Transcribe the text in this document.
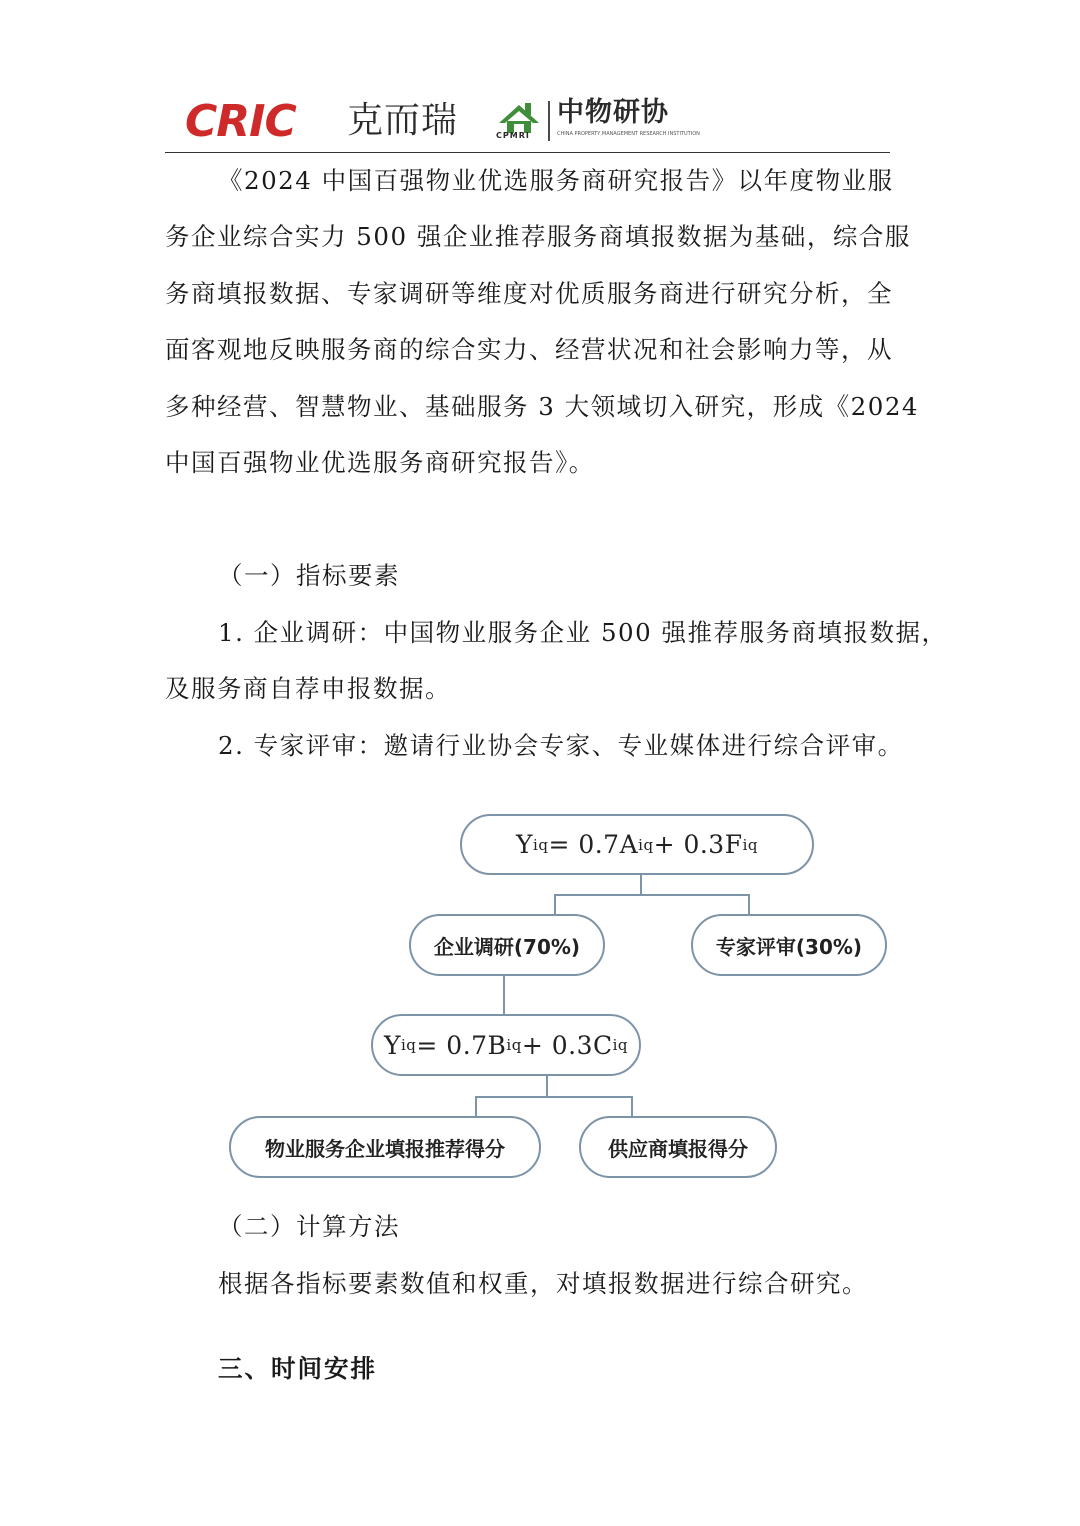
CRIC 克而瑞	CPMRI
中物研协
CHINA PROPERTY MANAGEMENT RESEARCH INSTITUTION
《2024 中国百强物业优选服务商研究报告》以年度物业服
务企业综合实力 500 强企业推荐服务商填报数据为基础，综合服
务商填报数据、专家调研等维度对优质服务商进行研究分析，全
面客观地反映服务商的综合实力、经营状况和社会影响力等，从
多种经营、智慧物业、基础服务 3 大领域切入研究，形成《2024
中国百强物业优选服务商研究报告》。
（一）指标要素
1. 企业调研：中国物业服务企业 500 强推荐服务商填报数据，
及服务商自荐申报数据。
2. 专家评审：邀请行业协会专家、专业媒体进行综合评审。
Y iq = 0.7A iq + 0.3F iq
企业调研(70%)	专家评审(30%)
Y iq = 0.7B iq + 0.3C iq
物业服务企业填报推荐得分	供应商填报得分
（二）计算方法
根据各指标要素数值和权重，对填报数据进行综合研究。
三、时间安排
